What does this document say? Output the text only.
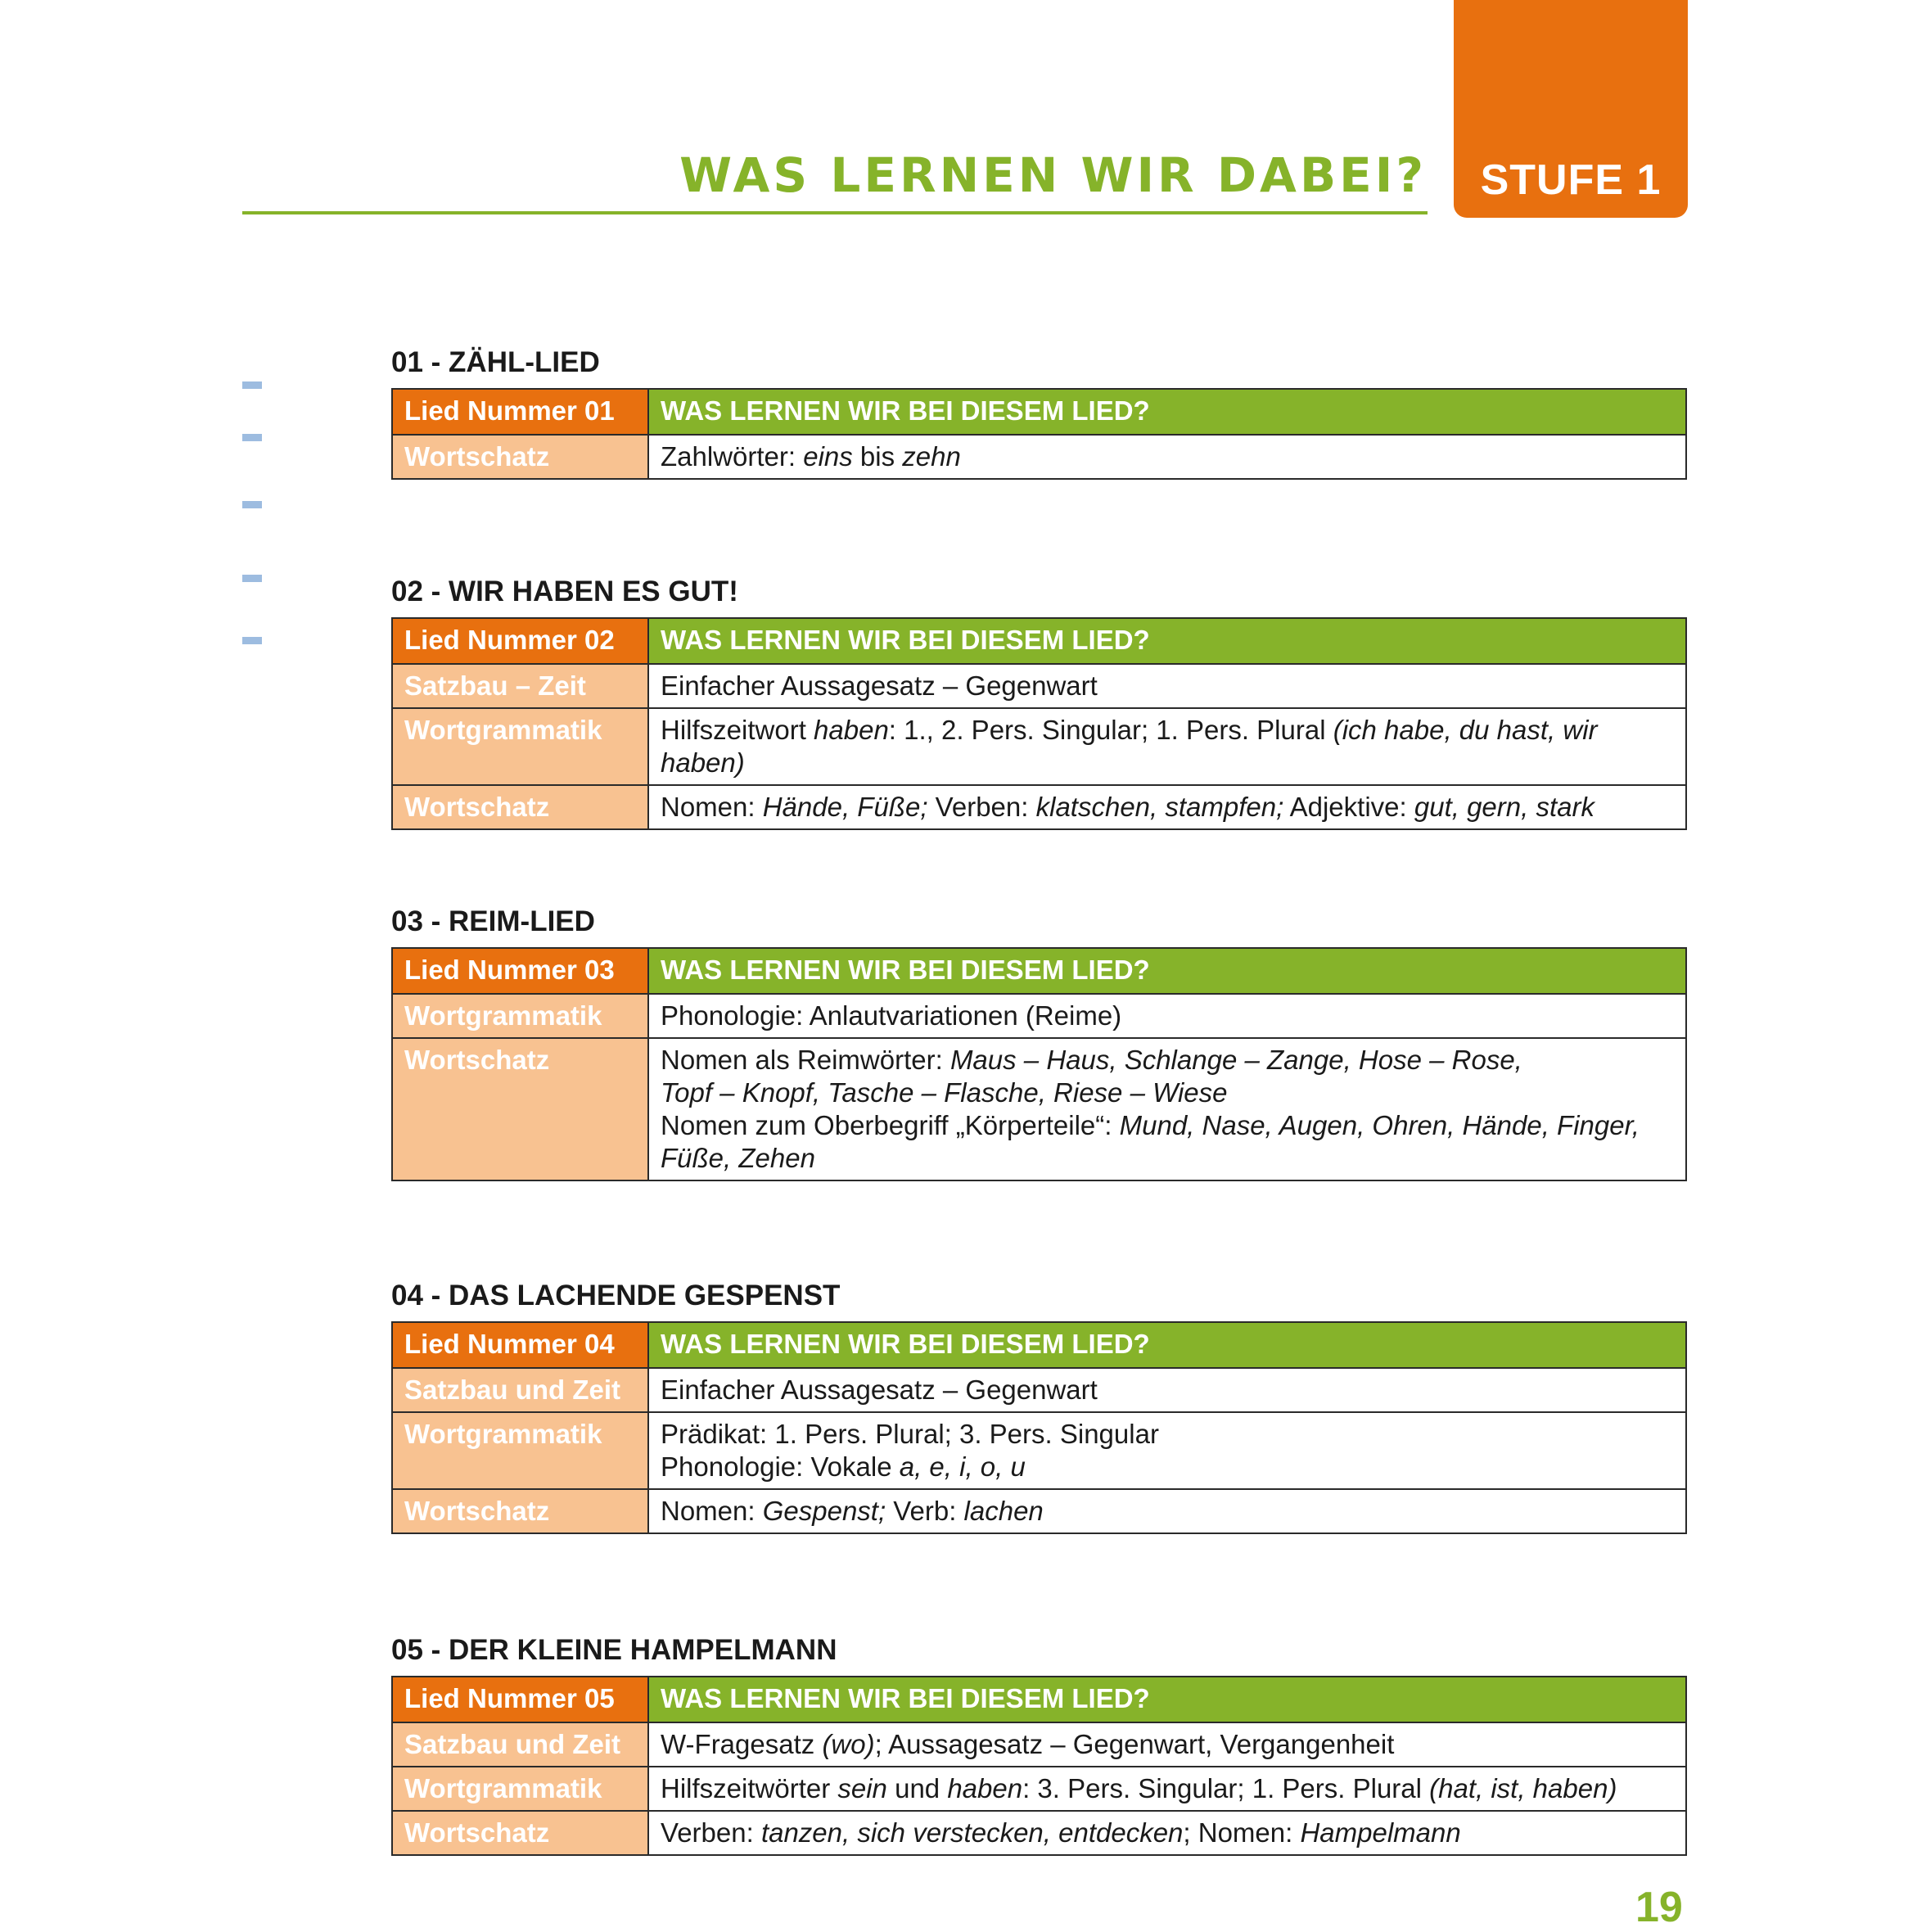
STUFE 1
WAS LERNEN WIR DABEI?
01 - ZÄHL-LIED
Lied Nummer 01	WAS LERNEN WIR BEI DIESEM LIED?
Wortschatz	Zahlwörter: eins bis zehn
02 - WIR HABEN ES GUT!
Lied Nummer 02	WAS LERNEN WIR BEI DIESEM LIED?
Satzbau – Zeit	Einfacher Aussagesatz – Gegenwart

Wortgrammatik	Hilfszeitwort haben: 1., 2. Pers. Singular; 1. Pers. Plural (ich habe, du hast, wir haben)

Wortschatz	Nomen: Hände, Füße; Verben: klatschen, stampfen; Adjektive: gut, gern, stark
03 - REIM-LIED
Lied Nummer 03	WAS LERNEN WIR BEI DIESEM LIED?
Wortgrammatik	Phonologie: Anlautvariationen (Reime)

Wortschatz	Nomen als Reimwörter: Maus – Haus, Schlange – Zange, Hose – Rose,
Topf – Knopf, Tasche – Flasche, Riese – Wiese
Nomen zum Oberbegriff „Körperteile“: Mund, Nase, Augen, Ohren, Hände, Finger,
Füße, Zehen
04 - DAS LACHENDE GESPENST
Lied Nummer 04	WAS LERNEN WIR BEI DIESEM LIED?
Satzbau und Zeit	Einfacher Aussagesatz – Gegenwart

Wortgrammatik	Prädikat: 1. Pers. Plural; 3. Pers. Singular
Phonologie: Vokale a, e, i, o, u

Wortschatz	Nomen: Gespenst; Verb: lachen
05 - DER KLEINE HAMPELMANN
Lied Nummer 05	WAS LERNEN WIR BEI DIESEM LIED?
Satzbau und Zeit	W-Fragesatz (wo); Aussagesatz – Gegenwart, Vergangenheit

Wortgrammatik	Hilfszeitwörter sein und haben: 3. Pers. Singular; 1. Pers. Plural (hat, ist, haben)

Wortschatz	Verben: tanzen, sich verstecken, entdecken; Nomen: Hampelmann
19
